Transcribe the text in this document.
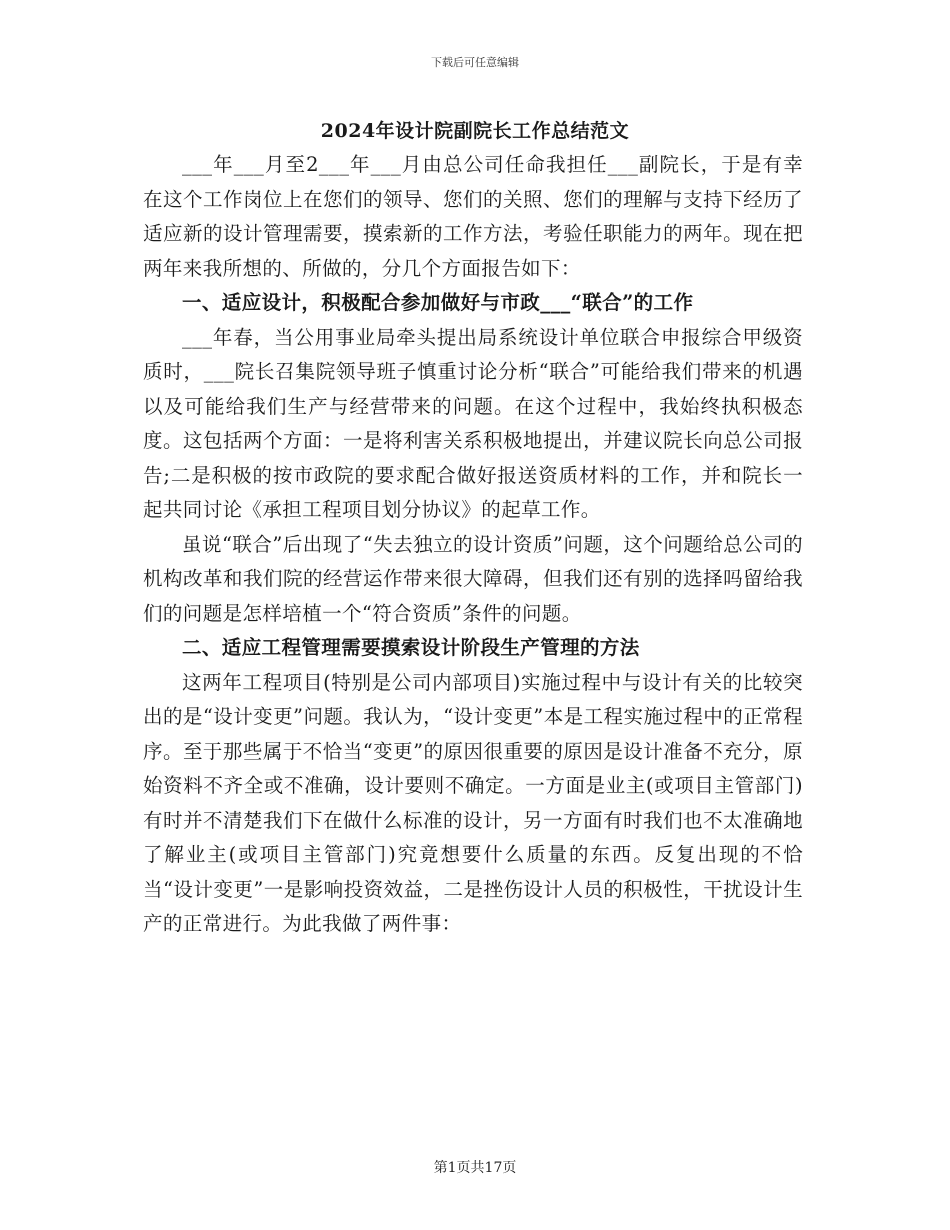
下载后可任意编辑
2024年设计院副院长工作总结范文

___年___月至2___年___月由总公司任命我担任___副院长，于是有幸在这个工作岗位上在您们的领导、您们的关照、您们的理解与支持下经历了适应新的设计管理需要，摸索新的工作方法，考验任职能力的两年。现在把两年来我所想的、所做的，分几个方面报告如下：

一、适应设计，积极配合参加做好与市政___“联合”的工作

___年春，当公用事业局牵头提出局系统设计单位联合申报综合甲级资质时，___院长召集院领导班子慎重讨论分析“联合”可能给我们带来的机遇以及可能给我们生产与经营带来的问题。在这个过程中，我始终执积极态度。这包括两个方面：一是将利害关系积极地提出，并建议院长向总公司报告;二是积极的按市政院的要求配合做好报送资质材料的工作，并和院长一起共同讨论《承担工程项目划分协议》的起草工作。

虽说“联合”后出现了“失去独立的设计资质”问题，这个问题给总公司的机构改革和我们院的经营运作带来很大障碍，但我们还有别的选择吗留给我们的问题是怎样培植一个“符合资质”条件的问题。

二、适应工程管理需要摸索设计阶段生产管理的方法

这两年工程项目(特别是公司内部项目)实施过程中与设计有关的比较突出的是“设计变更”问题。我认为，“设计变更”本是工程实施过程中的正常程序。至于那些属于不恰当“变更”的原因很重要的原因是设计准备不充分，原始资料不齐全或不准确，设计要则不确定。一方面是业主(或项目主管部门)有时并不清楚我们下在做什么标准的设计，另一方面有时我们也不太准确地了解业主(或项目主管部门)究竟想要什么质量的东西。反复出现的不恰当“设计变更”一是影响投资效益，二是挫伤设计人员的积极性，干扰设计生产的正常进行。为此我做了两件事：

第1页共17页
